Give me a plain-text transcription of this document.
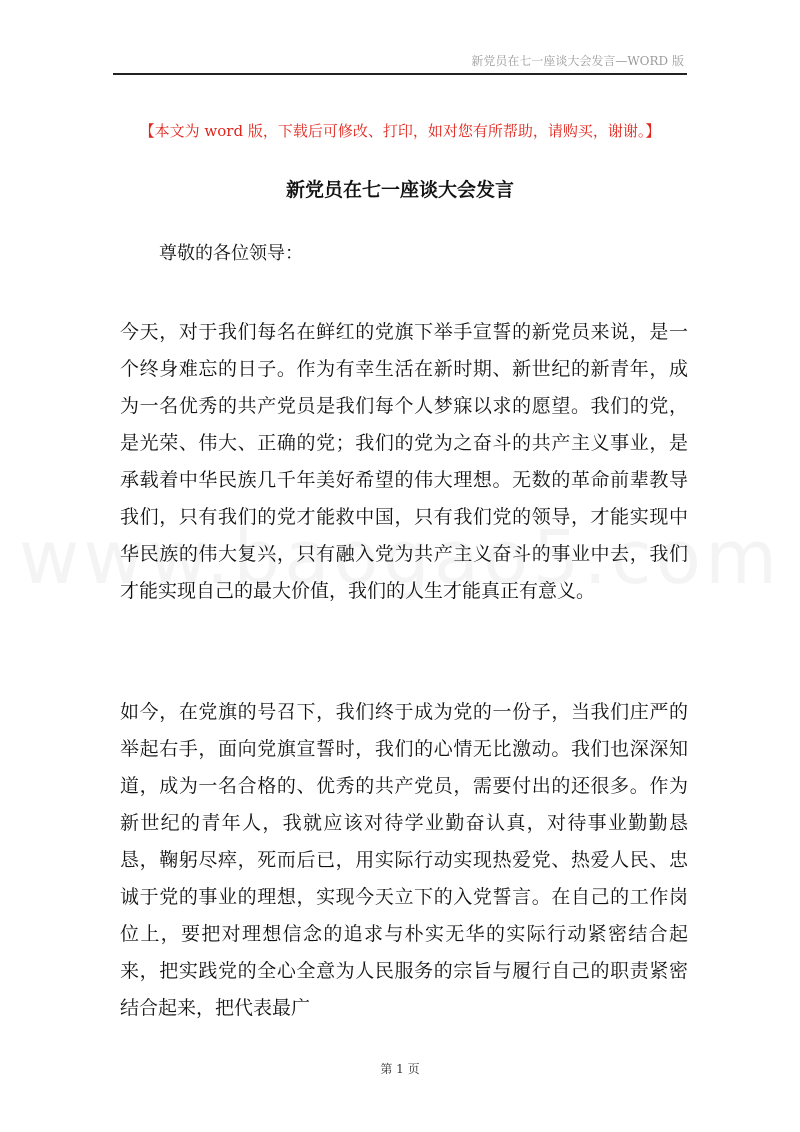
新党员在七一座谈大会发言—WORD 版
【本文为 word 版，下载后可修改、打印，如对您有所帮助，请购买，谢谢。】
新党员在七一座谈大会发言
尊敬的各位领导：

今天，对于我们每名在鲜红的党旗下举手宣誓的新党员来说，是一个终身难忘的日子。作为有幸生活在新时期、新世纪的新青年，成为一名优秀的共产党员是我们每个人梦寐以求的愿望。我们的党，是光荣、伟大、正确的党；我们的党为之奋斗的共产主义事业，是承载着中华民族几千年美好希望的伟大理想。无数的革命前辈教导我们，只有我们的党才能救中国，只有我们党的领导，才能实现中华民族的伟大复兴，只有融入党为共产主义奋斗的事业中去，我们才能实现自己的最大价值，我们的人生才能真正有意义。

如今，在党旗的号召下，我们终于成为党的一份子，当我们庄严的举起右手，面向党旗宣誓时，我们的心情无比激动。我们也深深知道，成为一名合格的、优秀的共产党员，需要付出的还很多。作为新世纪的青年人，我就应该对待学业勤奋认真，对待事业勤勤恳恳，鞠躬尽瘁，死而后已，用实际行动实现热爱党、热爱人民、忠诚于党的事业的理想，实现今天立下的入党誓言。在自己的工作岗位上，要把对理想信念的追求与朴实无华的实际行动紧密结合起来，把实践党的全心全意为人民服务的宗旨与履行自己的职责紧密结合起来，把代表最广

第 1 页
